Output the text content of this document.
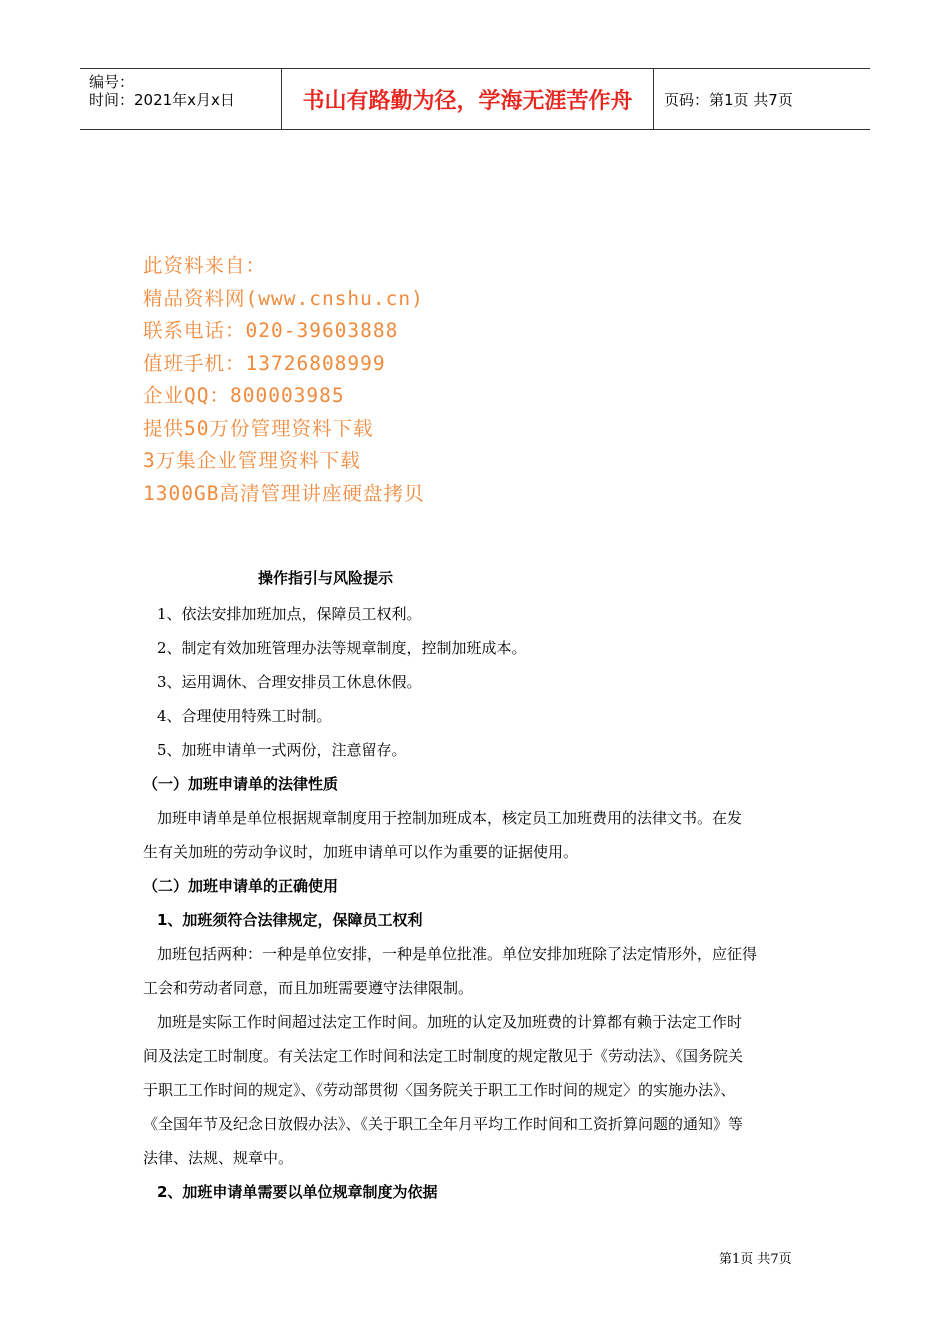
编号：
时间：2021年x月x日	书山有路勤为径，学海无涯苦作舟	页码：第1页 共7页
此资料来自：
精品资料网(www.cnshu.cn)
联系电话：020-39603888
值班手机：13726808999
企业QQ：800003985
提供50万份管理资料下载
3万集企业管理资料下载
1300GB高清管理讲座硬盘拷贝
操作指引与风险提示

1、依法安排加班加点，保障员工权利。

2、制定有效加班管理办法等规章制度，控制加班成本。

3、运用调休、合理安排员工休息休假。

4、合理使用特殊工时制。

5、加班申请单一式两份，注意留存。

（一）加班申请单的法律性质

加班申请单是单位根据规章制度用于控制加班成本，核定员工加班费用的法律文书。在发

生有关加班的劳动争议时，加班申请单可以作为重要的证据使用。

（二）加班申请单的正确使用

1、加班须符合法律规定，保障员工权利

加班包括两种：一种是单位安排，一种是单位批准。单位安排加班除了法定情形外，应征得

工会和劳动者同意，而且加班需要遵守法律限制。

加班是实际工作时间超过法定工作时间。加班的认定及加班费的计算都有赖于法定工作时

间及法定工时制度。有关法定工作时间和法定工时制度的规定散见于《劳动法》、《国务院关

于职工工作时间的规定》、《劳动部贯彻〈国务院关于职工工作时间的规定〉的实施办法》、

《全国年节及纪念日放假办法》、《关于职工全年月平均工作时间和工资折算问题的通知》等

法律、法规、规章中。

2、加班申请单需要以单位规章制度为依据

第1页 共7页
